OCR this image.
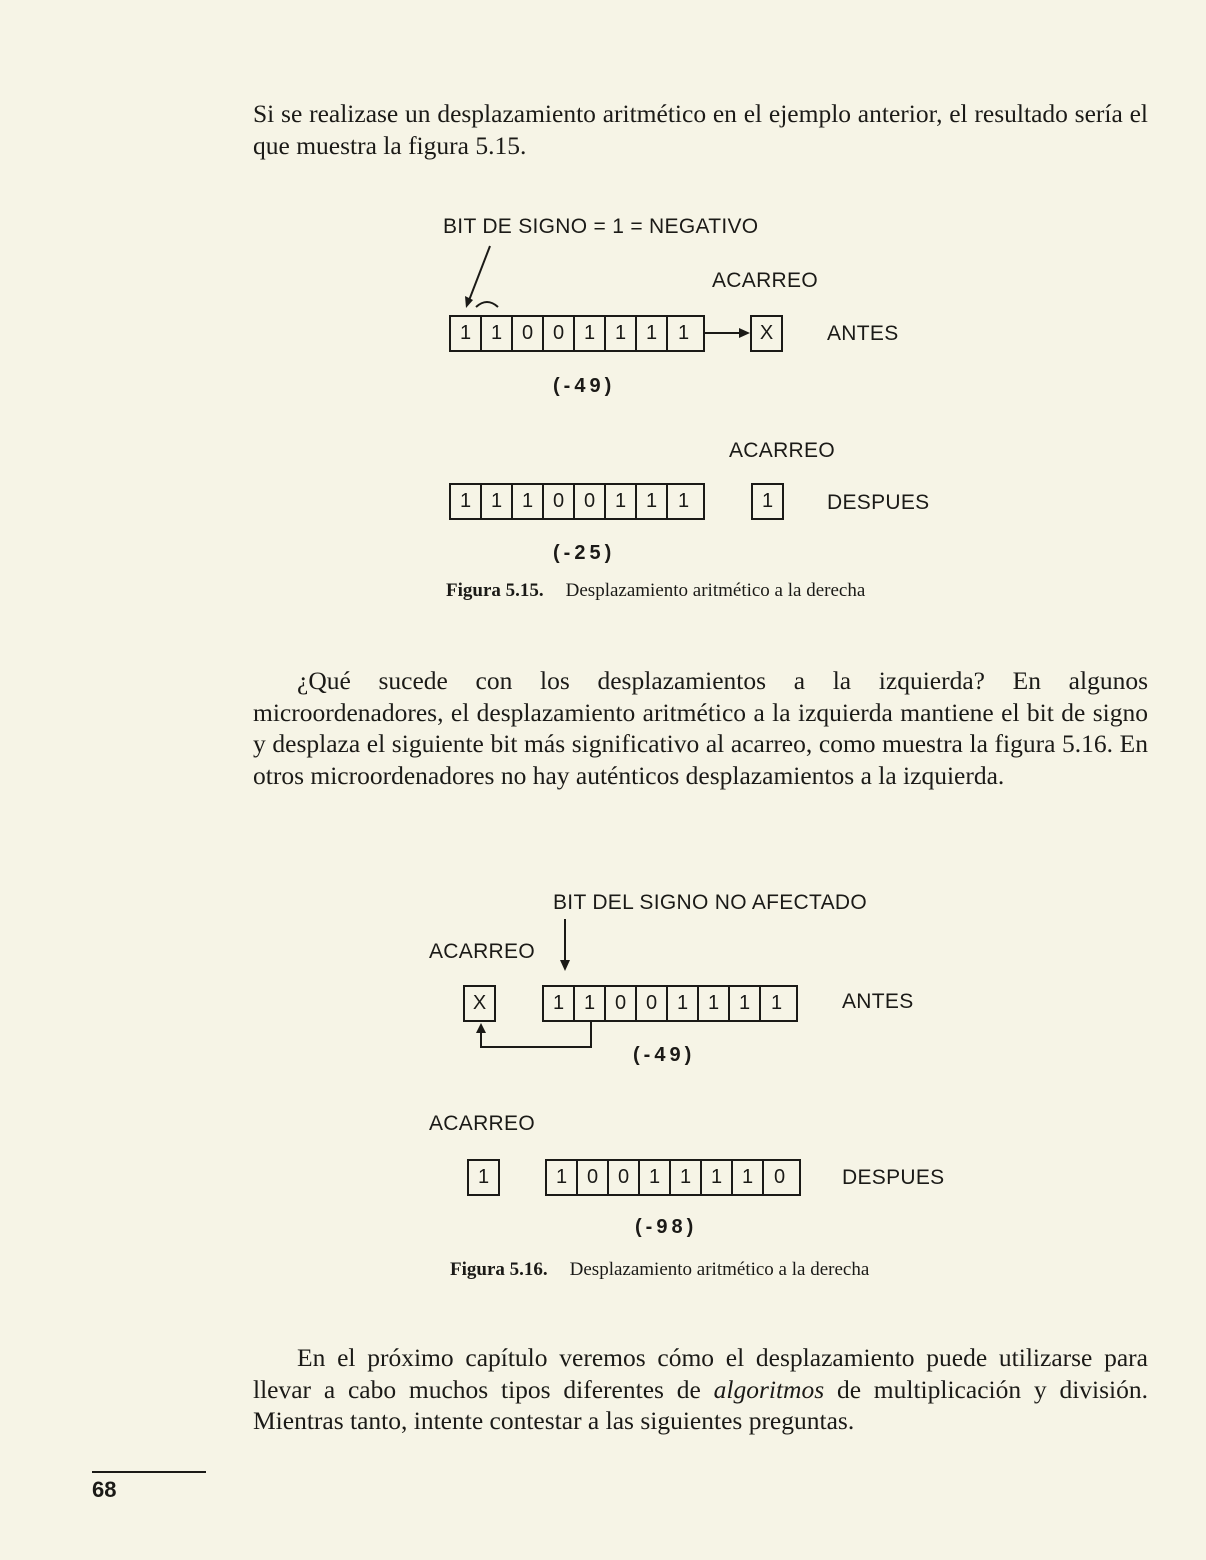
Si se realizase un desplazamiento aritmético en el ejemplo anterior, el resultado sería el que muestra la figura 5.15.

BIT DE SIGNO = 1 = NEGATIVO
ACARREO
1 1 0 0 1 1 1	1	X	ANTES
(-49)
ACARREO
1 1 1 0 0 1 1	1	1	DESPUES
(-25)
Figura 5.15. Desplazamiento aritmético a la derecha

¿Qué sucede con los desplazamientos a la izquierda? En algunos microordenadores, el desplazamiento aritmético a la izquierda mantiene el bit de signo y desplaza el siguiente bit más significativo al acarreo, como muestra la figura 5.16. En otros microordenadores no hay auténticos desplazamientos a la izquierda.

BIT DEL SIGNO NO AFECTADO
ACARREO
X	1 1 0 0 1 1 1	1	ANTES
(-49)
ACARREO
1	1 0 0 1 1 1 1	0	DESPUES
(-98)
Figura 5.16. Desplazamiento aritmético a la derecha

En el próximo capítulo veremos cómo el desplazamiento puede utilizarse para llevar a cabo muchos tipos diferentes de algoritmos de multiplicación y división. Mientras tanto, intente contestar a las siguientes preguntas.

68
